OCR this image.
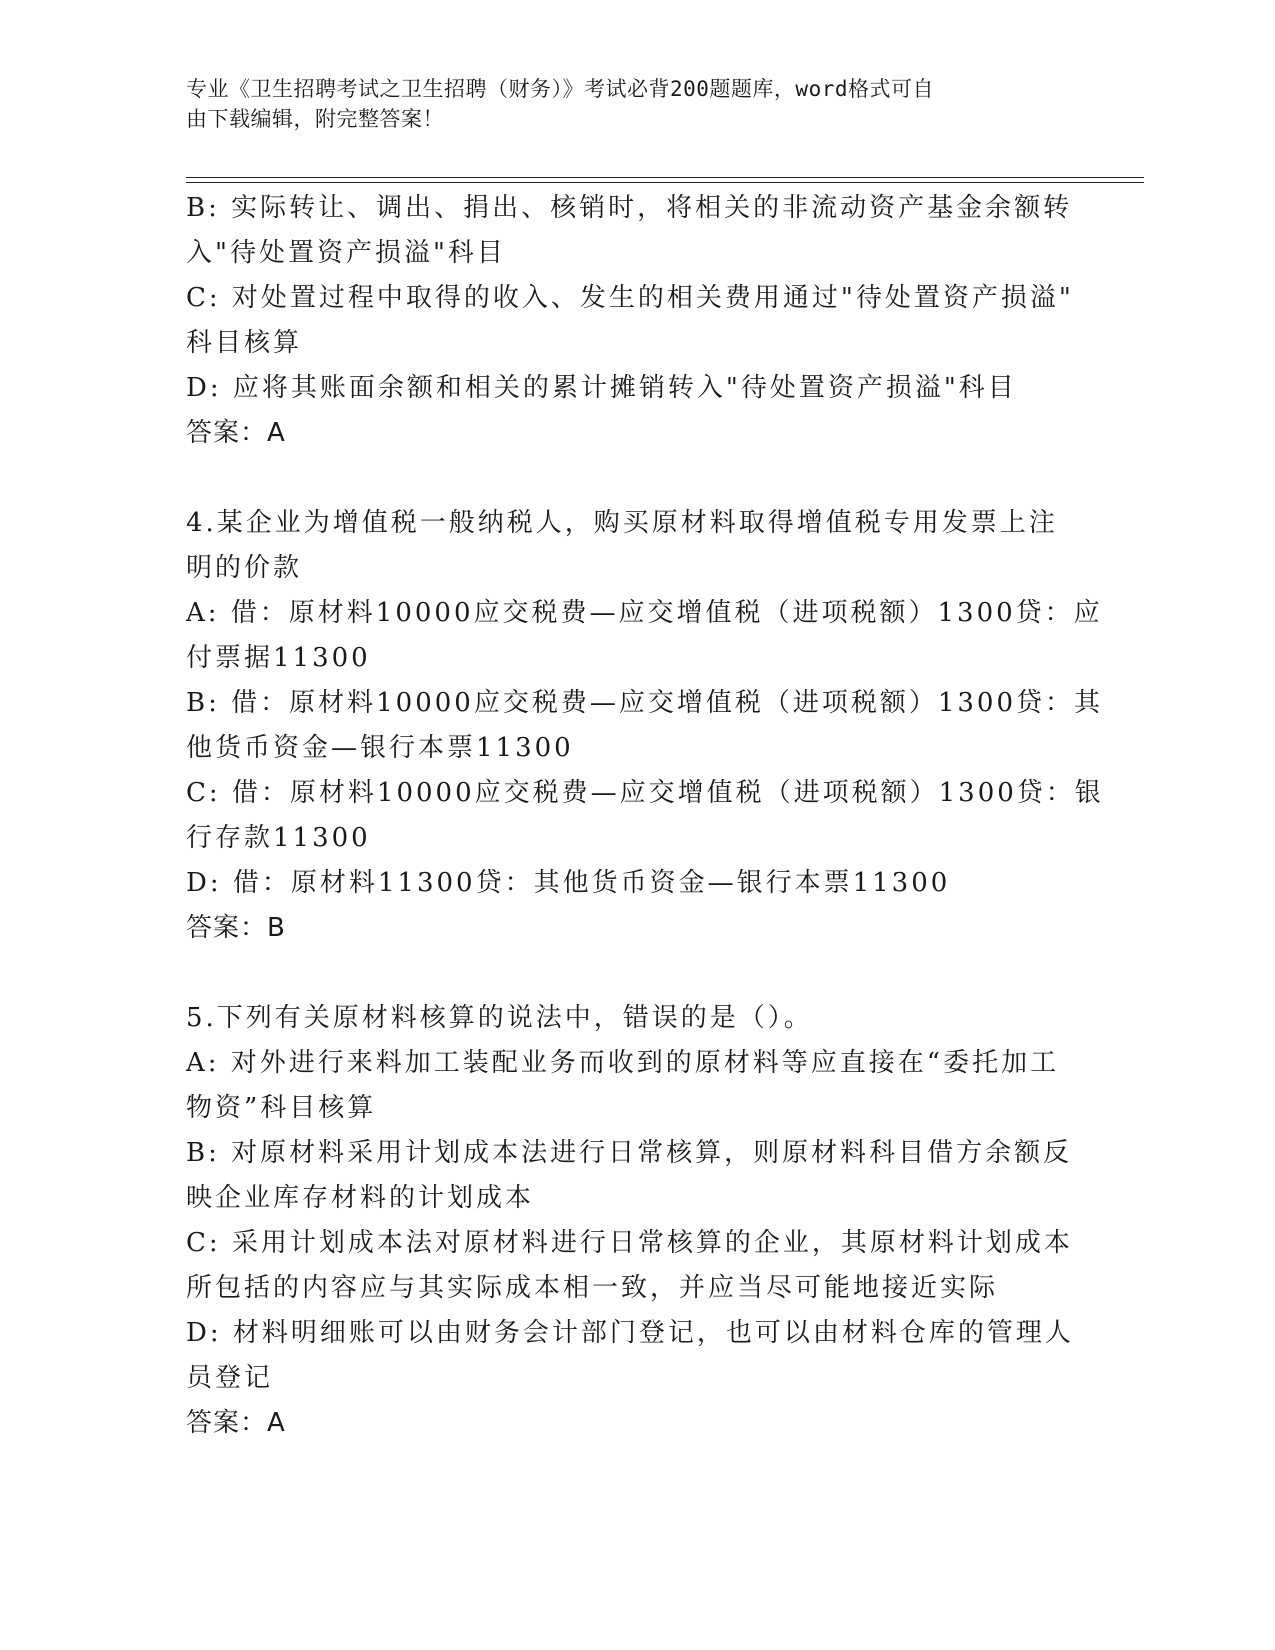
专业《卫生招聘考试之卫生招聘（财务）》考试必背200题题库，word格式可自
由下载编辑，附完整答案！
B: 实际转让、调出、捐出、核销时，将相关的非流动资产基金余额转
入"待处置资产损溢"科目
C: 对处置过程中取得的收入、发生的相关费用通过"待处置资产损溢"
科目核算
D: 应将其账面余额和相关的累计摊销转入"待处置资产损溢"科目
答案：A
4.某企业为增值税一般纳税人，购买原材料取得增值税专用发票上注
明的价款
A: 借：原材料10000应交税费—应交增值税（进项税额）1300贷：应
付票据11300
B: 借：原材料10000应交税费—应交增值税（进项税额）1300贷：其
他货币资金—银行本票11300
C: 借：原材料10000应交税费—应交增值税（进项税额）1300贷：银
行存款11300
D: 借：原材料11300贷：其他货币资金—银行本票11300
答案：B
5.下列有关原材料核算的说法中，错误的是（）。
A: 对外进行来料加工装配业务而收到的原材料等应直接在“委托加工
物资”科目核算
B: 对原材料采用计划成本法进行日常核算，则原材料科目借方余额反
映企业库存材料的计划成本
C: 采用计划成本法对原材料进行日常核算的企业，其原材料计划成本
所包括的内容应与其实际成本相一致，并应当尽可能地接近实际
D: 材料明细账可以由财务会计部门登记，也可以由材料仓库的管理人
员登记
答案：A
